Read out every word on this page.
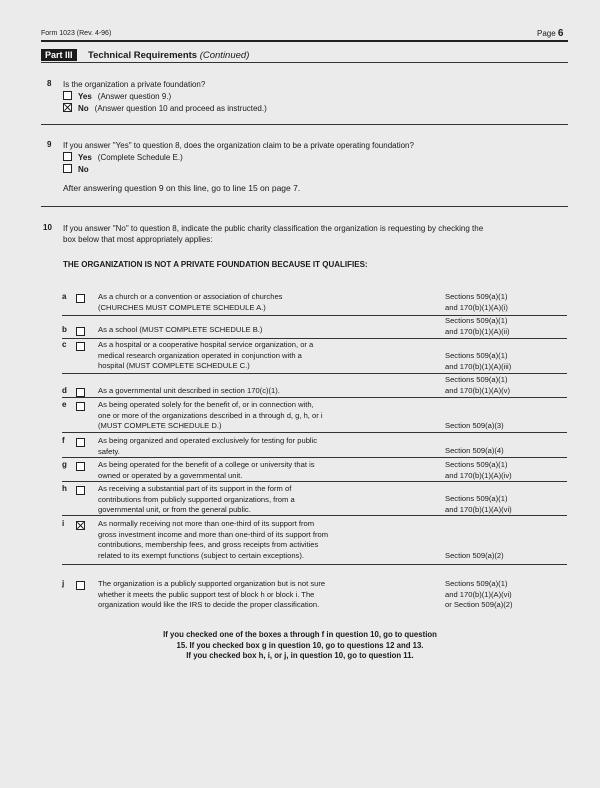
Form 1023 (Rev. 4-96)	Page 6
Part III Technical Requirements (Continued)
8 Is the organization a private foundation?
Yes (Answer question 9.)
No (Answer question 10 and proceed as instructed.)
9 If you answer "Yes" to question 8, does the organization claim to be a private operating foundation?
Yes (Complete Schedule E.)
No
After answering question 9 on this line, go to line 15 on page 7.
10 If you answer "No" to question 8, indicate the public charity classification the organization is requesting by checking the
box below that most appropriately applies:
THE ORGANIZATION IS NOT A PRIVATE FOUNDATION BECAUSE IT QUALIFIES:
a	As a church or a convention or association of churches
(CHURCHES MUST COMPLETE SCHEDULE A.)
Sections 509(a)(1)
and 170(b)(1)(A)(i)
b	As a school (MUST COMPLETE SCHEDULE B.)
Sections 509(a)(1)
and 170(b)(1)(A)(ii)
c	As a hospital or a cooperative hospital service organization, or a
medical research organization operated in conjunction with a
hospital (MUST COMPLETE SCHEDULE C.)
Sections 509(a)(1)
and 170(b)(1)(A)(iii)
d	As a governmental unit described in section 170(c)(1).
Sections 509(a)(1)
and 170(b)(1)(A)(v)
e	As being operated solely for the benefit of, or in connection with,
one or more of the organizations described in a through d, g, h, or i
(MUST COMPLETE SCHEDULE D.)	Section 509(a)(3)
f	As being organized and operated exclusively for testing for public
safety.	Section 509(a)(4)
g	As being operated for the benefit of a college or university that is
owned or operated by a governmental unit.
Sections 509(a)(1)
and 170(b)(1)(A)(iv)
h	As receiving a substantial part of its support in the form of
contributions from publicly supported organizations, from a
governmental unit, or from the general public.
Sections 509(a)(1)
and 170(b)(1)(A)(vi)
i	As normally receiving not more than one-third of its support from
gross investment income and more than one-third of its support from
contributions, membership fees, and gross receipts from activities
related to its exempt functions (subject to certain exceptions).	Section 509(a)(2)
j	The organization is a publicly supported organization but is not sure
whether it meets the public support test of block h or block i. The
organization would like the IRS to decide the proper classification.
Sections 509(a)(1)
and 170(b)(1)(A)(vi)
or Section 509(a)(2)
If you checked one of the boxes a through f in question 10, go to question
15. If you checked box g in question 10, go to questions 12 and 13.
If you checked box h, i, or j, in question 10, go to question 11.
